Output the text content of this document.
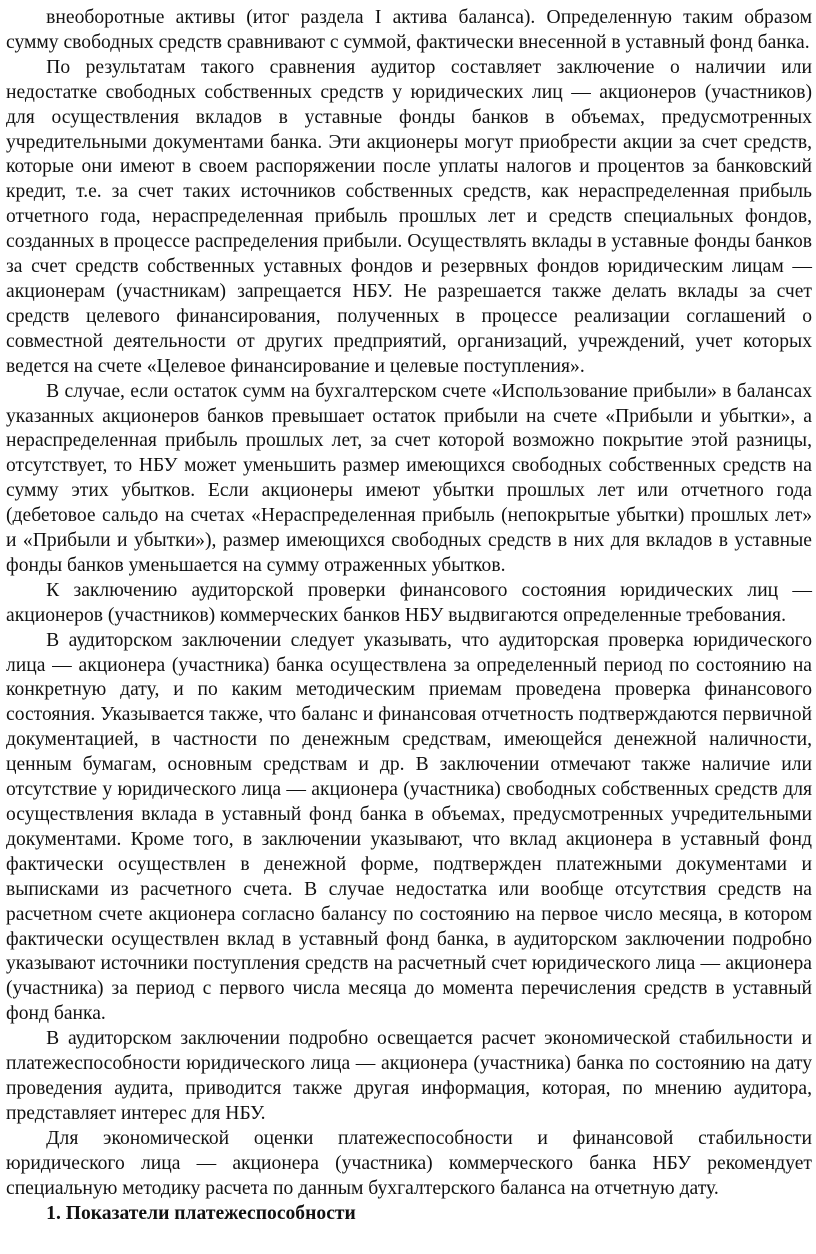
внеоборотные активы (итог раздела I актива баланса). Определенную таким образом сумму свободных средств сравнивают с суммой, фактически внесенной в уставный фонд банка.

По результатам такого сравнения аудитор составляет заключение о наличии или недостатке свободных собственных средств у юридических лиц — акционеров (участников) для осуществления вкладов в уставные фонды банков в объемах, предусмотренных учредительными документами банка. Эти акционеры могут приобрести акции за счет средств, которые они имеют в своем распоряжении после уплаты налогов и процентов за банковский кредит, т.е. за счет таких источников собственных средств, как нераспределенная прибыль отчетного года, нераспределенная прибыль прошлых лет и средств специальных фондов, созданных в процессе распределения прибыли. Осуществлять вклады в уставные фонды банков за счет средств собственных уставных фондов и резервных фондов юридическим лицам — акционерам (участникам) запрещается НБУ. Не разрешается также делать вклады за счет средств целевого финансирования, полученных в процессе реализации соглашений о совместной деятельности от других предприятий, организаций, учреждений, учет которых ведется на счете «Целевое финансирование и целевые поступления».

В случае, если остаток сумм на бухгалтерском счете «Использование прибыли» в балансах указанных акционеров банков превышает остаток прибыли на счете «Прибыли и убытки», а нераспределенная прибыль прошлых лет, за счет которой возможно покрытие этой разницы, отсутствует, то НБУ может уменьшить размер имеющихся свободных собственных средств на сумму этих убытков. Если акционеры имеют убытки прошлых лет или отчетного года (дебетовое сальдо на счетах «Нераспределенная прибыль (непокрытые убытки) прошлых лет» и «Прибыли и убытки»), размер имеющихся свободных средств в них для вкладов в уставные фонды банков уменьшается на сумму отраженных убытков.

К заключению аудиторской проверки финансового состояния юридических лиц — акционеров (участников) коммерческих банков НБУ выдвигаются определенные требования.

В аудиторском заключении следует указывать, что аудиторская проверка юридического лица — акционера (участника) банка осуществлена за определенный период по состоянию на конкретную дату, и по каким методическим приемам проведена проверка финансового состояния. Указывается также, что баланс и финансовая отчетность подтверждаются первичной документацией, в частности по денежным средствам, имеющейся денежной наличности, ценным бумагам, основным средствам и др. В заключении отмечают также наличие или отсутствие у юридического лица — акционера (участника) свободных собственных средств для осуществления вклада в уставный фонд банка в объемах, предусмотренных учредительными документами. Кроме того, в заключении указывают, что вклад акционера в уставный фонд фактически осуществлен в денежной форме, подтвержден платежными документами и выписками из расчетного счета. В случае недостатка или вообще отсутствия средств на расчетном счете акционера согласно балансу по состоянию на первое число месяца, в котором фактически осуществлен вклад в уставный фонд банка, в аудиторском заключении подробно указывают источники поступления средств на расчетный счет юридического лица — акционера (участника) за период с первого числа месяца до момента перечисления средств в уставный фонд банка.

В аудиторском заключении подробно освещается расчет экономической стабильности и платежеспособности юридического лица — акционера (участника) банка по состоянию на дату проведения аудита, приводится также другая информация, которая, по мнению аудитора, представляет интерес для НБУ.

Для экономической оценки платежеспособности и финансовой стабильности юридического лица — акционера (участника) коммерческого банка НБУ рекомендует специальную методику расчета по данным бухгалтерского баланса на отчетную дату.

1. Показатели платежеспособности
